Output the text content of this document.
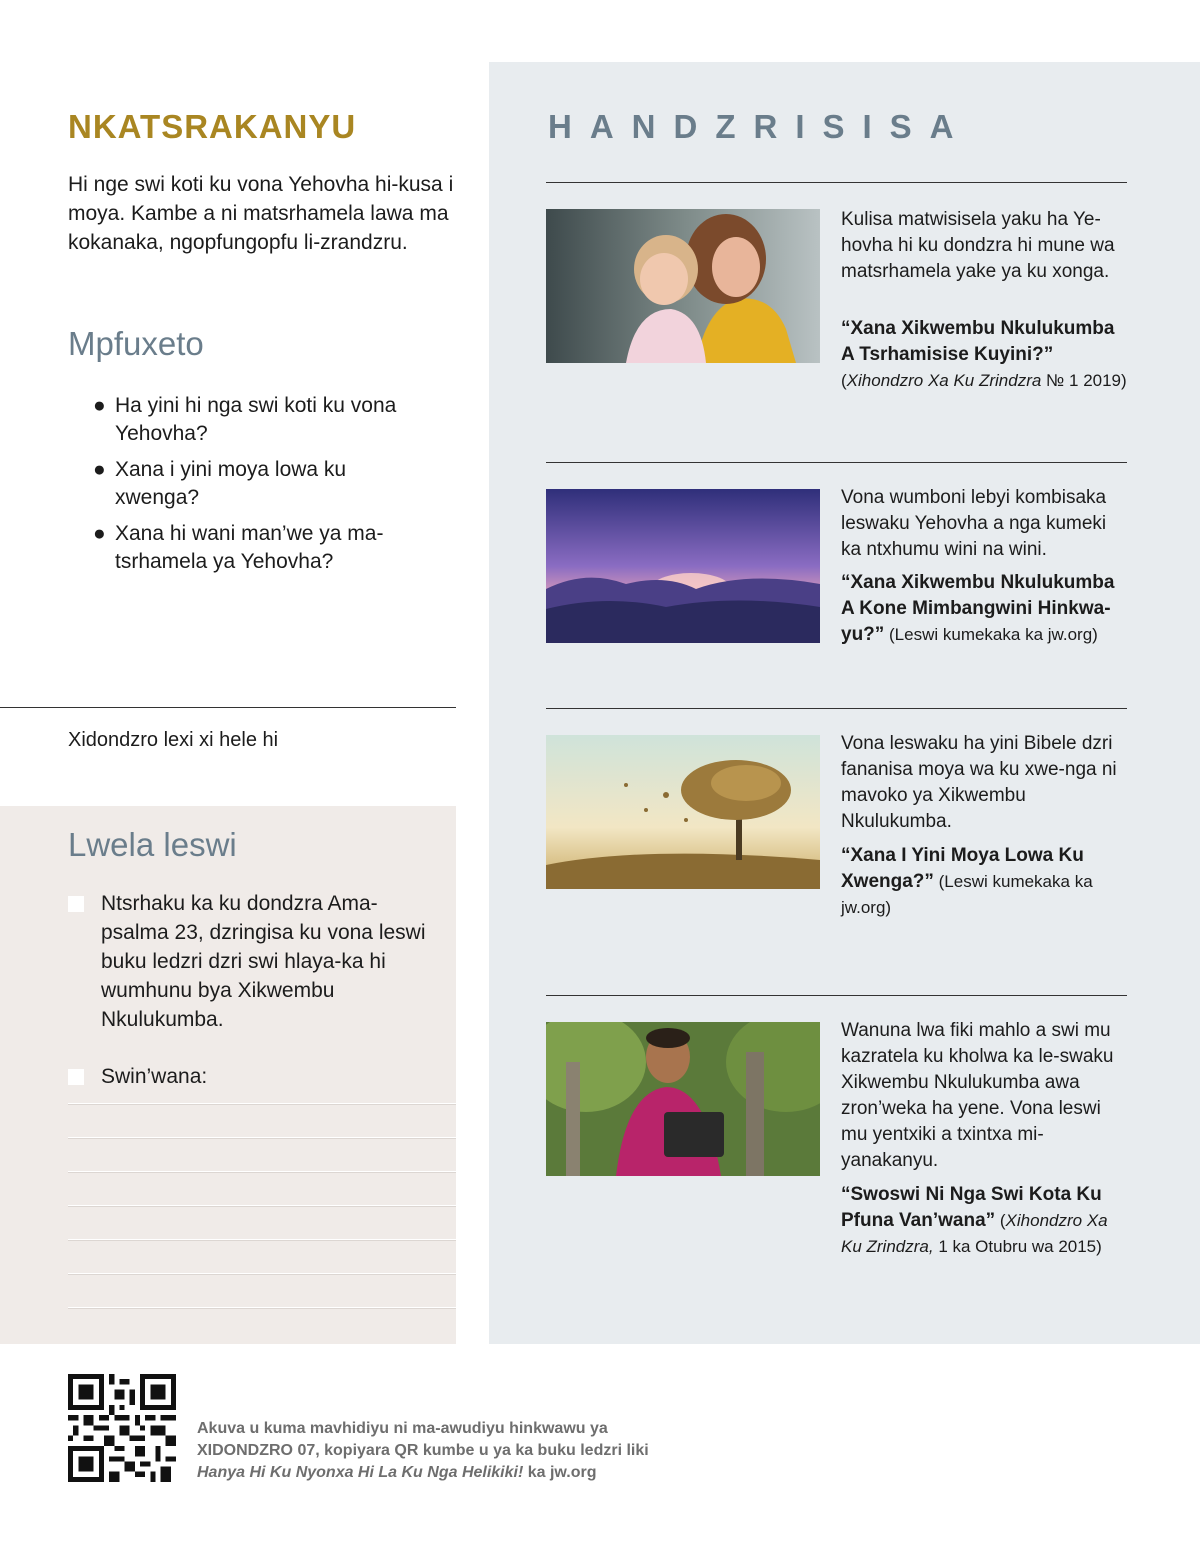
NKATSRAKANYU

Hi nge swi koti ku vona Yehovha hi-kusa i moya. Kambe a ni matsrhamela lawa ma kokanaka, ngopfungopfu li-zrandzru.

Mpfuxeto
● Ha yini hi nga swi koti ku vona Yehovha?
● Xana i yini moya lowa ku xwenga?
● Xana hi wani man’we ya ma-tsrhamela ya Yehovha?

Xidondzro lexi xi hele hi

Lwela leswi
Ntsrhaku ka ku dondzra Ama-psalma 23, dzringisa ku vona leswi buku ledzri dzri swi hlaya-ka hi wumhunu bya Xikwembu Nkulukumba.
Swin’wana:
HANDZRISISA

Kulisa matwisisela yaku ha Ye-hovha hi ku dondzra hi mune wa matsrhamela yake ya ku xonga.

“Xana Xikwembu Nkulukumba A Tsrhamisise Kuyini?” (Xihondzro Xa Ku Zrindzra № 1 2019)

Vona wumboni lebyi kombisaka leswaku Yehovha a nga kumeki ka ntxhumu wini na wini.

“Xana Xikwembu Nkulukumba A Kone Mimbangwini Hinkwa-yu?” (Leswi kumekaka ka jw.org)

Vona leswaku ha yini Bibele dzri fananisa moya wa ku xwe-nga ni mavoko ya Xikwembu Nkulukumba.

“Xana I Yini Moya Lowa Ku Xwenga?” (Leswi kumekaka ka jw.org)

Wanuna lwa fiki mahlo a swi mu kazratela ku kholwa ka le-swaku Xikwembu Nkulukumba awa zron’weka ha yene. Vona leswi mu yentxiki a txintxa mi-yanakanyu.

“Swoswi Ni Nga Swi Kota Ku Pfuna Van’wana” (Xihondzro Xa Ku Zrindzra, 1 ka Otubru wa 2015)

Akuva u kuma mavhidiyu ni ma-awudiyu hinkwawu ya XIDONDZRO 07, kopiyara QR kumbe u ya ka buku ledzri liki Hanya Hi Ku Nyonxa Hi La Ku Nga Helikiki! ka jw.org
